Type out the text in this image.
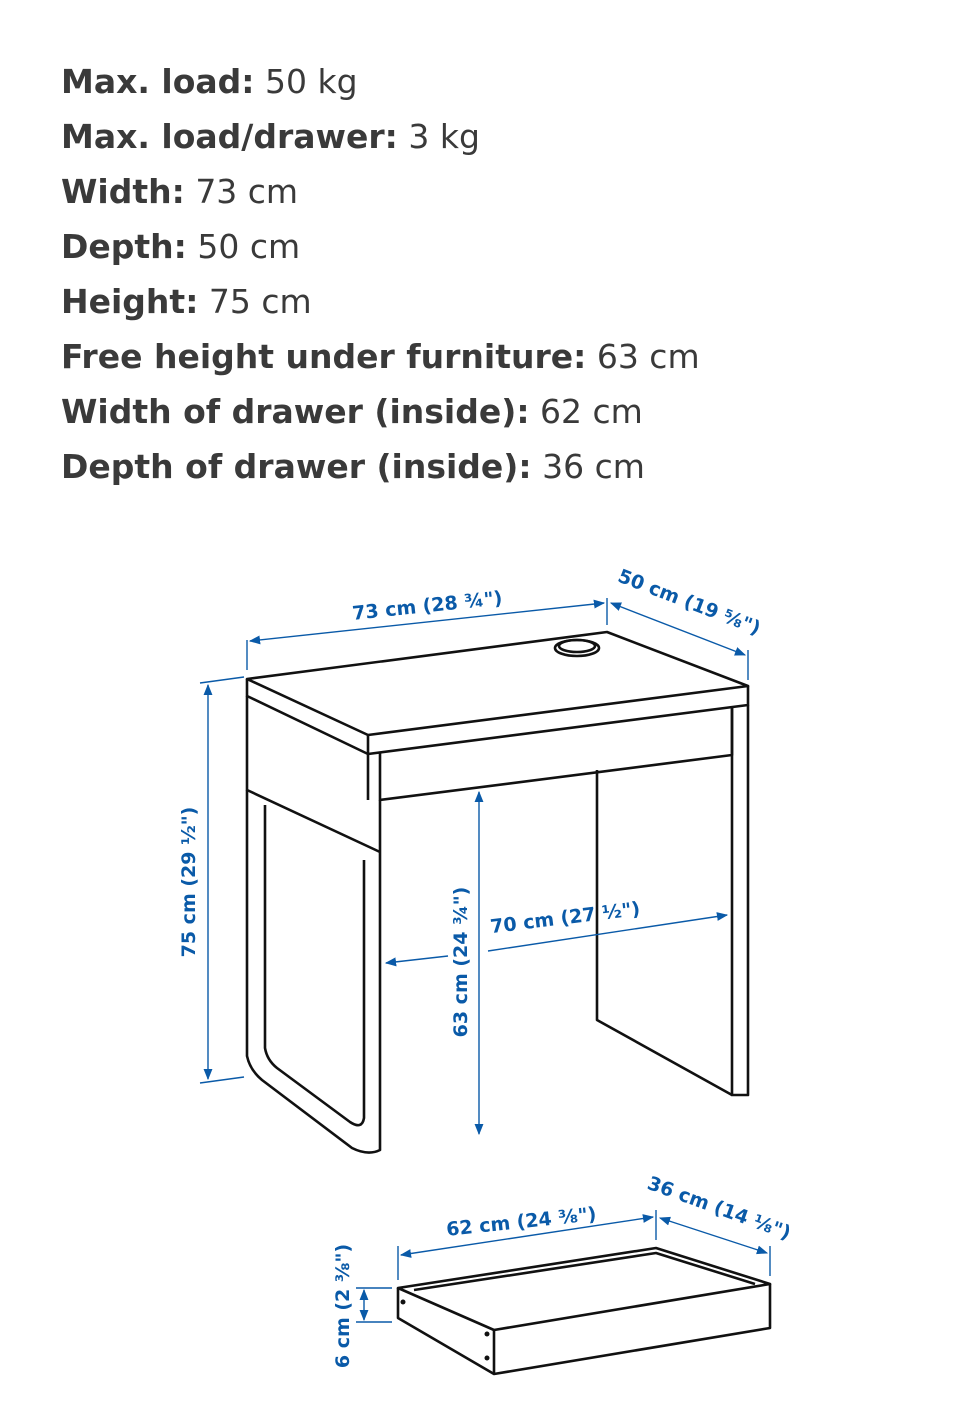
Max. load: 50 kg
Max. load/drawer: 3 kg
Width: 73 cm
Depth: 50 cm
Height: 75 cm
Free height under furniture: 63 cm
Width of drawer (inside): 62 cm
Depth of drawer (inside): 36 cm
73 cm (28 ¾")	50 cm (19 ⅝")
75 cm (29 ½")
63 cm (24 ¾") 70 cm (27 ½")
62 cm (24 ⅜") 36 cm (14 ⅛")
6 cm (2 ⅜")
